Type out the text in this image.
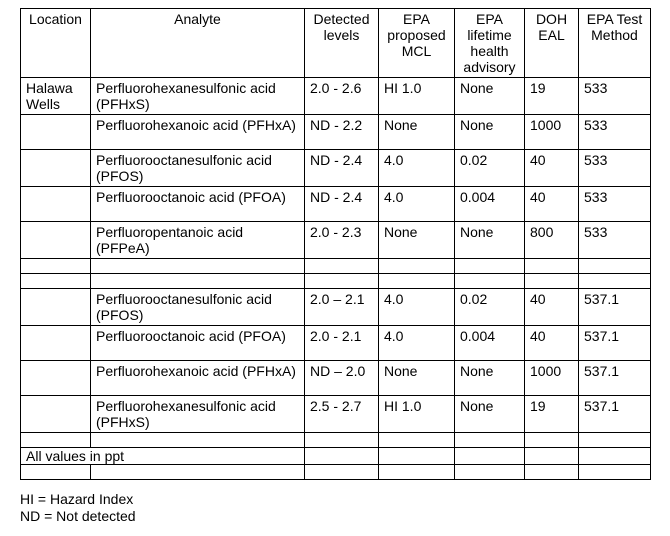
Location	Analyte	Detected levels	EPA proposed MCL	EPA lifetime health advisory	DOH EAL	EPA Test Method
Halawa Wells	Perfluorohexanesulfonic acid (PFHxS)	2.0 - 2.6	HI 1.0	None	19	533
	Perfluorohexanoic acid (PFHxA)	ND - 2.2	None	None	1000	533
	Perfluorooctanesulfonic acid (PFOS)	ND - 2.4	4.0	0.02	40	533
	Perfluorooctanoic acid (PFOA)	ND - 2.4	4.0	0.004	40	533
	Perfluoropentanoic acid (PFPeA)	2.0 - 2.3	None	None	800	533

	Perfluorooctanesulfonic acid (PFOS)	2.0 – 2.1	4.0	0.02	40	537.1
	Perfluorooctanoic acid (PFOA)	2.0 - 2.1	4.0	0.004	40	537.1
	Perfluorohexanoic acid (PFHxA)	ND – 2.0	None	None	1000	537.1
	Perfluorohexanesulfonic acid (PFHxS)	2.5 - 2.7	HI 1.0	None	19	537.1

All values in ppt						

HI = Hazard Index
ND = Not detected
